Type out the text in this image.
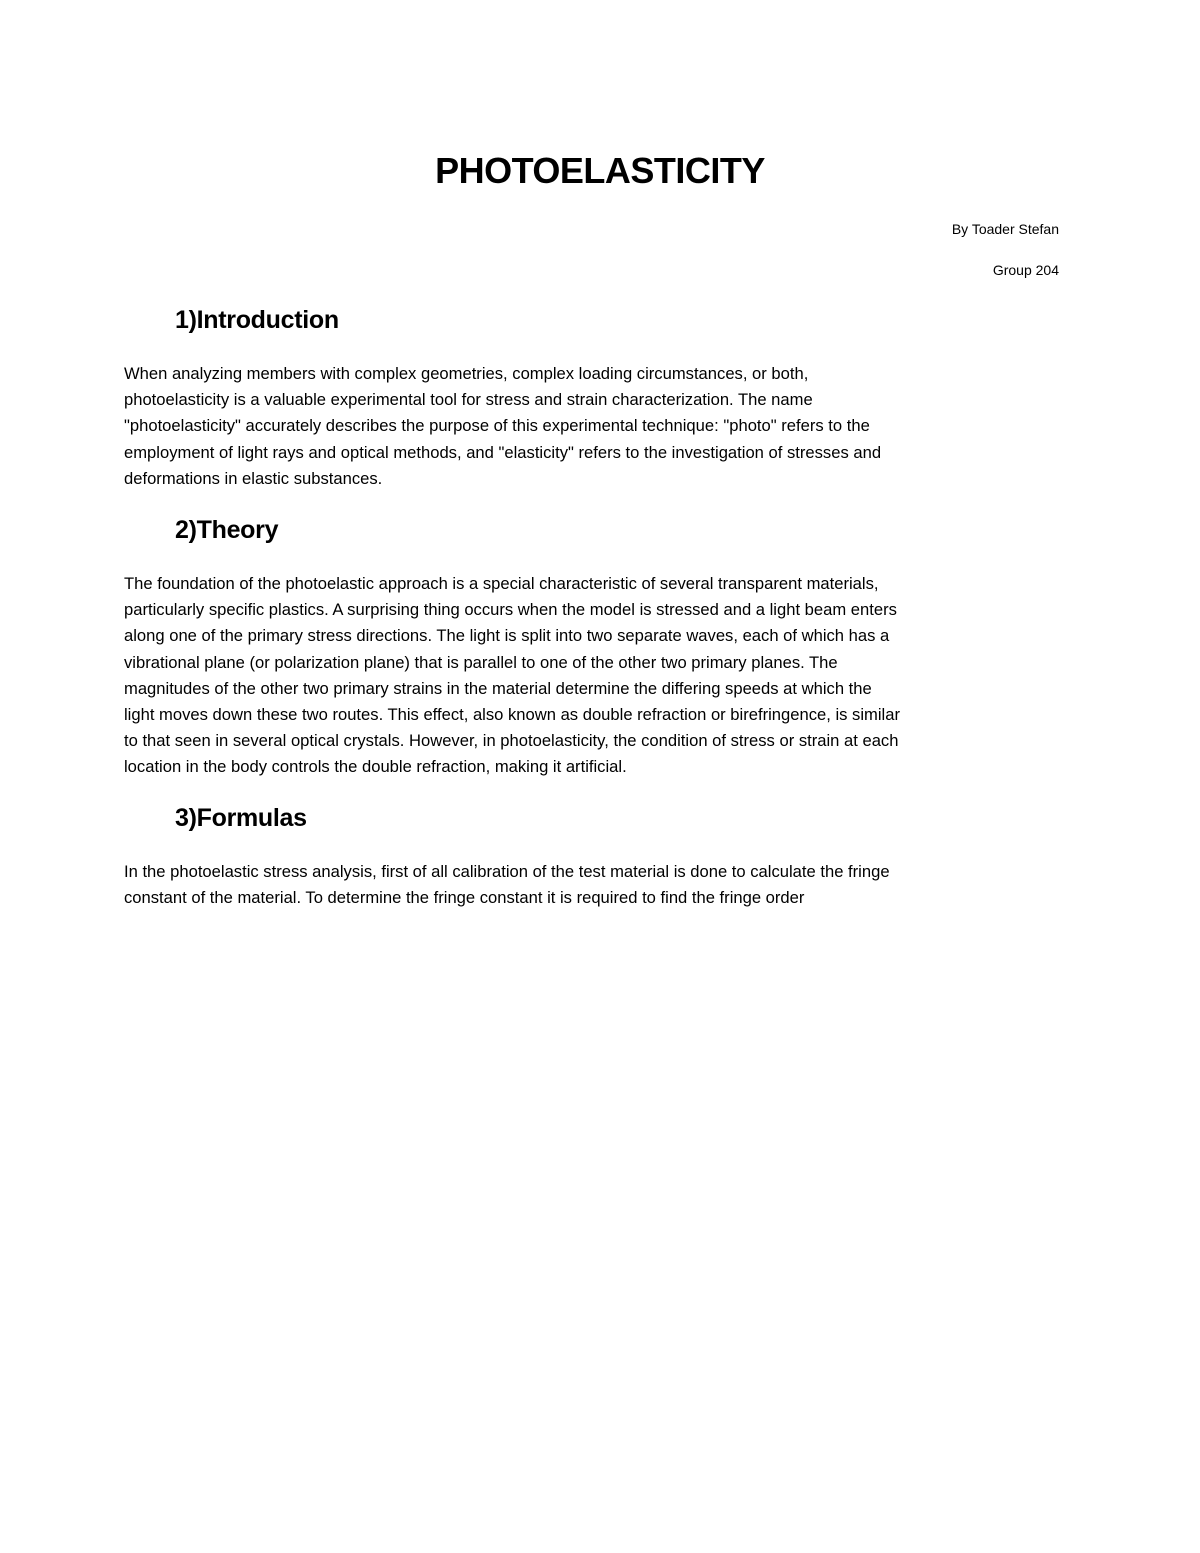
PHOTOELASTICITY
By Toader Stefan
Group 204
1)Introduction
When analyzing members with complex geometries, complex loading circumstances, or both,
photoelasticity is a valuable experimental tool for stress and strain characterization. The name
"photoelasticity" accurately describes the purpose of this experimental technique: "photo" refers to the
employment of light rays and optical methods, and "elasticity" refers to the investigation of stresses and
deformations in elastic substances.
2)Theory
The foundation of the photoelastic approach is a special characteristic of several transparent materials,
particularly specific plastics. A surprising thing occurs when the model is stressed and a light beam enters
along one of the primary stress directions. The light is split into two separate waves, each of which has a
vibrational plane (or polarization plane) that is parallel to one of the other two primary planes. The
magnitudes of the other two primary strains in the material determine the differing speeds at which the
light moves down these two routes. This effect, also known as double refraction or birefringence, is similar
to that seen in several optical crystals. However, in photoelasticity, the condition of stress or strain at each
location in the body controls the double refraction, making it artificial.
3)Formulas
In the photoelastic stress analysis, first of all calibration of the test material is done to calculate the fringe
constant of the material. To determine the fringe constant it is required to find the fringe order
